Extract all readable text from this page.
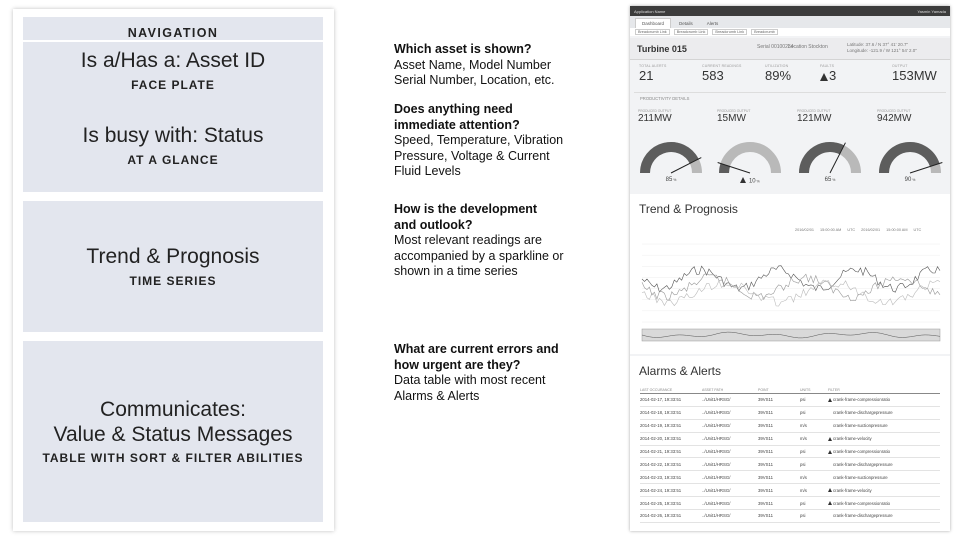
NAVIGATION
Is a/Has a: Asset ID
FACE PLATE
Is busy with: Status
AT A GLANCE
Trend & Prognosis
TIME SERIES
Communicates:
Value & Status Messages
TABLE WITH SORT & FILTER ABILITIES
Which asset is shown?
Asset Name, Model Number
Serial Number, Location, etc.
Does anything need
immediate attention?
Speed, Temperature, Vibration
Pressure, Voltage & Current
Fluid Levels
How is the development
and outlook?
Most relevant readings are
accompanied by a sparkline or
shown in a time series
What are current errors and
how urgent are they?
Data table with most recent
Alarms & Alerts
Application Name	Yasmin Yamada
Dashboard	Details	Alerts
Breadcrumb Link	Breadcrumb Link	Breadcrumb Link	Breadcrumb
Turbine 015	Serial 00100234
Location Stockton	Latitude: 37.6 / N 37° 41' 20.7"
Longitude: -121.9 / W 121° 54' 2.0"
TOTAL ALERTS
21
CURRENT READINGS
583
UTILIZATION
89%
FAULTS
3
OUTPUT
153MW
PRODUCTIVITY DETAILS
PRODUCED OUTPUT
211MW
85 %
PRODUCED OUTPUT
15MW
10 %
PRODUCED OUTPUT
121MW
65 %
PRODUCED OUTPUT
942MW
90 %
Trend & Prognosis
2016/02/01 15:00:00 AM UTC 2016/02/01 15:00:00 AM UTC
Alarms & Alerts
LAST OCCURANCE	ASSET PATH	POINT	UNITS	FILTER
2014-02-17, 19:33:51	../Unit1/HRSG/	39VS11	psi	crank-frame-compressionratio
2014-02-18, 19:33:51	../Unit1/HRSG/	39VS11	psi	crank-frame-dischargepressure
2014-02-19, 19:33:51	../Unit1/HRSG/	39VS11	m/s	crank-frame-suctionpressure
2014-02-20, 19:33:51	../Unit1/HRSG/	39VS11	m/s	crank-frame-velocity
2014-02-21, 19:33:51	../Unit1/HRSG/	39VS11	psi	crank-frame-compressionratio
2014-02-22, 19:33:51	../Unit1/HRSG/	39VS11	psi	crank-frame-dischargepressure
2014-02-23, 19:33:51	../Unit1/HRSG/	39VS11	m/s	crank-frame-suctionpressure
2014-02-24, 19:33:51	../Unit1/HRSG/	39VS11	m/s	crank-frame-velocity
2014-02-25, 19:33:51	../Unit1/HRSG/	39VS11	psi	crank-frame-compressionratio
2014-02-26, 19:33:51	../Unit1/HRSG/	39VS11	psi	crank-frame-dischargepressure
